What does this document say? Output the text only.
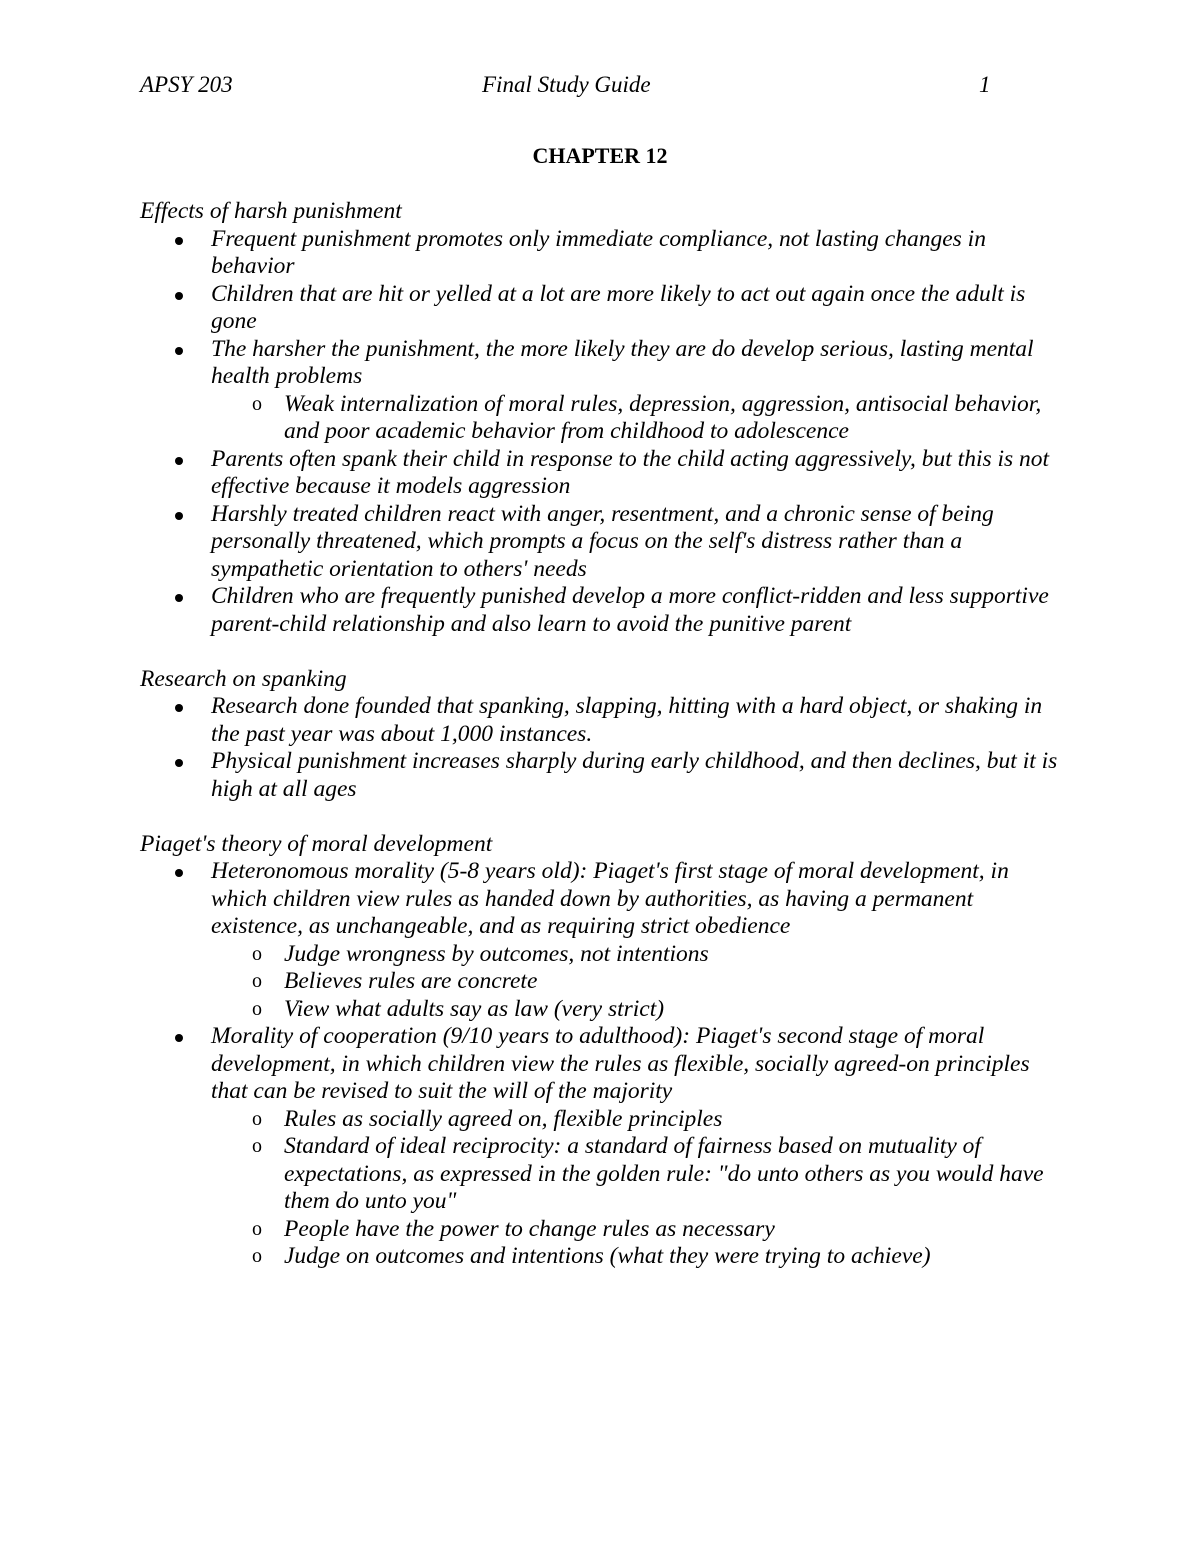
APSY 203	Final Study Guide	1
CHAPTER 12
Effects of harsh punishment
Frequent punishment promotes only immediate compliance, not lasting changes in behavior
Children that are hit or yelled at a lot are more likely to act out again once the adult is gone
The harsher the punishment, the more likely they are do develop serious, lasting mental health problems
o Weak internalization of moral rules, depression, aggression, antisocial behavior, and poor academic behavior from childhood to adolescence
Parents often spank their child in response to the child acting aggressively, but this is not effective because it models aggression
Harshly treated children react with anger, resentment, and a chronic sense of being personally threatened, which prompts a focus on the self's distress rather than a sympathetic orientation to others' needs
Children who are frequently punished develop a more conflict-ridden and less supportive parent-child relationship and also learn to avoid the punitive parent
Research on spanking
Research done founded that spanking, slapping, hitting with a hard object, or shaking in the past year was about 1,000 instances.
Physical punishment increases sharply during early childhood, and then declines, but it is high at all ages
Piaget's theory of moral development
Heteronomous morality (5-8 years old): Piaget's first stage of moral development, in which children view rules as handed down by authorities, as having a permanent existence, as unchangeable, and as requiring strict obedience
o Judge wrongness by outcomes, not intentions
o Believes rules are concrete
o View what adults say as law (very strict)
Morality of cooperation (9/10 years to adulthood): Piaget's second stage of moral development, in which children view the rules as flexible, socially agreed-on principles that can be revised to suit the will of the majority
o Rules as socially agreed on, flexible principles
o Standard of ideal reciprocity: a standard of fairness based on mutuality of expectations, as expressed in the golden rule: "do unto others as you would have them do unto you"
o People have the power to change rules as necessary
o Judge on outcomes and intentions (what they were trying to achieve)
